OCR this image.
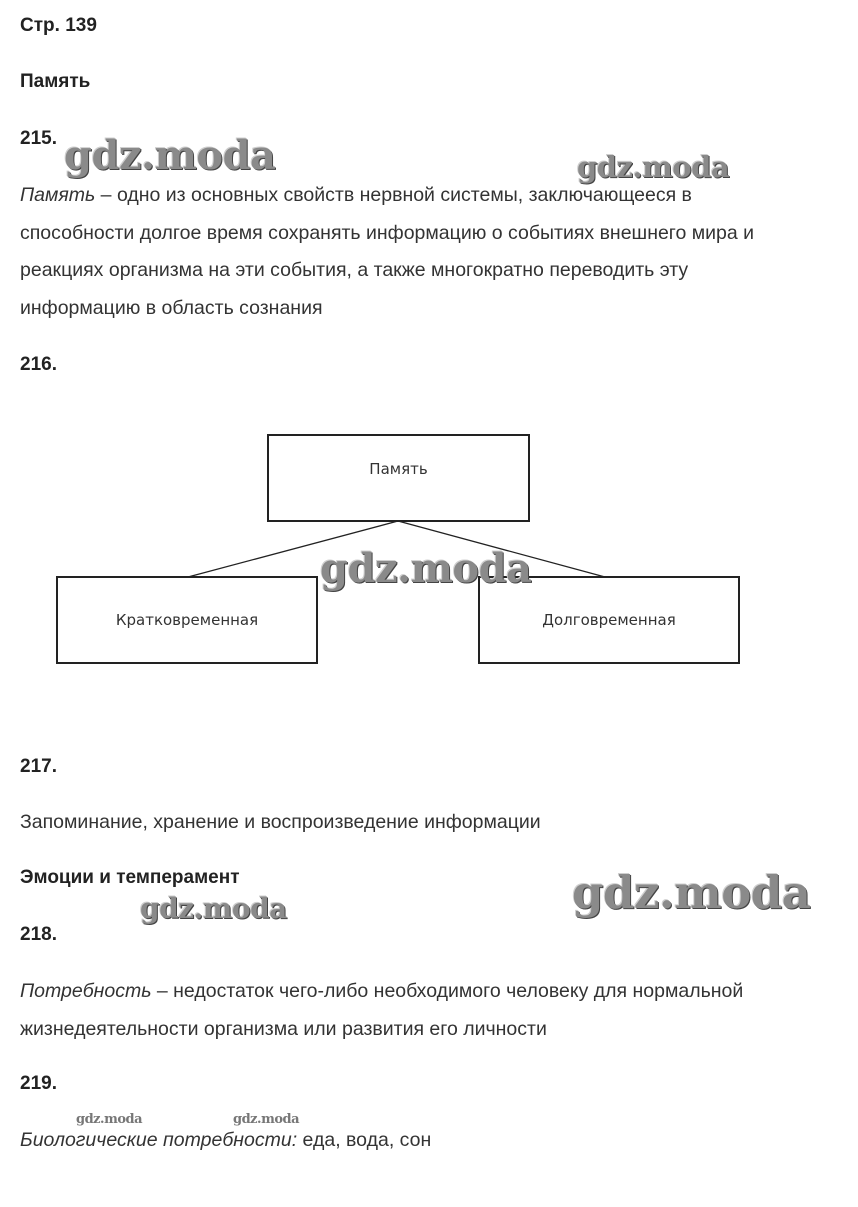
Стр. 139
Память
215.
Память – одно из основных свойств нервной системы, заключающееся в
способности долгое время сохранять информацию о событиях внешнего мира и
реакциях организма на эти события, а также многократно переводить эту
информацию в область сознания
216.
Память
Кратковременная	Долговременная
217.
Запоминание, хранение и воспроизведение информации
Эмоции и темперамент
218.
Потребность – недостаток чего-либо необходимого человеку для нормальной
жизнедеятельности организма или развития его личности
219.
Биологические потребности: еда, вода, сон
gdz.moda	gdz.moda
gdz.moda
gdz.moda
gdz.moda
gdz.moda	gdz.moda
